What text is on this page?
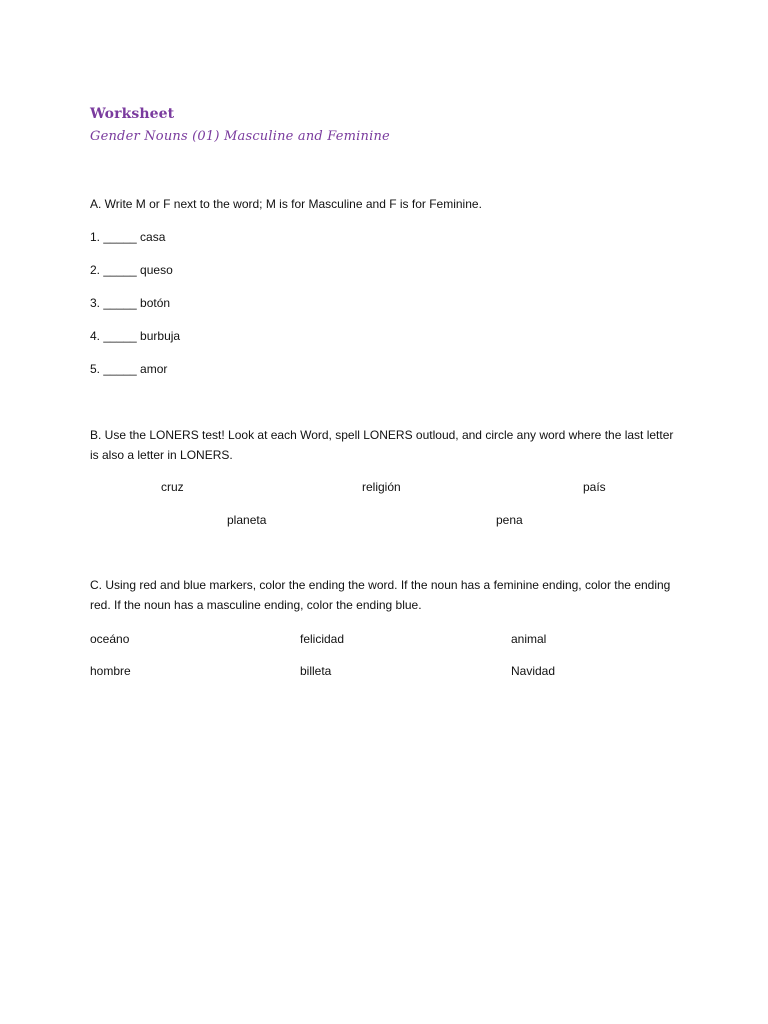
Worksheet
Gender Nouns (01) Masculine and Feminine
A. Write M or F next to the word; M is for Masculine and F is for Feminine.
1. _____ casa
2. _____ queso
3. _____ botón
4. _____ burbuja
5. _____ amor
B. Use the LONERS test! Look at each Word, spell LONERS outloud, and circle any word where the last letter is also a letter in LONERS.
cruz	religión	país
planeta	pena
C. Using red and blue markers, color the ending the word. If the noun has a feminine ending, color the ending red. If the noun has a masculine ending, color the ending blue.
oceáno	felicidad	animal
hombre	billeta	Navidad
